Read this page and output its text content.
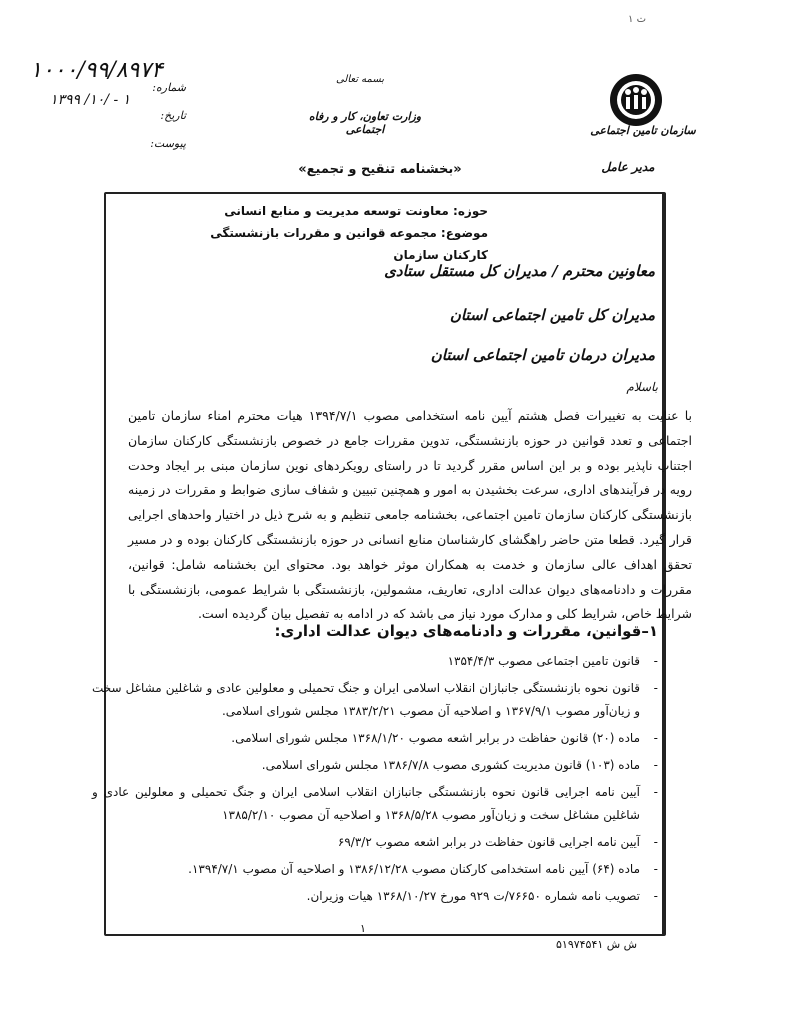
۱ ت
سازمان تامین اجتماعی
مدیر عامل
بسمه تعالی
وزارت تعاون، کار و رفاه اجتماعی
شماره:
تاریخ:
پیوست:
۱۰۰۰/۹۹/۸۹۷۴
۱۳۹۹ /۱۰/ - ۱
«بخشنامه تنقیح و تجمیع»
حوزه: معاونت توسعه مدیریت و منابع انسانی
موضوع: مجموعه قوانین و مقررات بازنشستگی کارکنان سازمان
معاونین محترم / مدیران کل مستقل ستادی
مدیران کل تامین اجتماعی استان
مدیران درمان تامین اجتماعی استان
باسلام
با عنایت به تغییرات فصل هشتم آیین نامه استخدامی مصوب ۱۳۹۴/۷/۱ هیات محترم امناء سازمان تامین اجتماعی و تعدد قوانین در حوزه بازنشستگی، تدوین مقررات جامع در خصوص بازنشستگی کارکنان سازمان اجتناب ناپذیر بوده و بر این اساس مقرر گردید تا در راستای رویکردهای نوین سازمان مبنی بر ایجاد وحدت رویه در فرآیندهای اداری، سرعت بخشیدن به امور و همچنین تبیین و شفاف سازی ضوابط و مقررات در زمینه بازنشستگی کارکنان سازمان تامین اجتماعی، بخشنامه جامعی تنظیم و به شرح ذیل در اختیار واحدهای اجرایی قرار گیرد. قطعا متن حاضر راهگشای کارشناسان منابع انسانی در حوزه بازنشستگی کارکنان بوده و در مسیر تحقق اهداف عالی سازمان و خدمت به همکاران موثر خواهد بود. محتوای این بخشنامه شامل: قوانین، مقررات و دادنامه‌های دیوان عدالت اداری، تعاریف، مشمولین، بازنشستگی با شرایط عمومی، بازنشستگی با شرایط خاص، شرایط کلی و مدارک مورد نیاز می باشد که در ادامه به تفصیل بیان گردیده است.
۱–قوانین، مقررات و دادنامه‌های دیوان عدالت اداری:
- قانون تامین اجتماعی مصوب ۱۳۵۴/۴/۳
- قانون نحوه بازنشستگی جانبازان انقلاب اسلامی ایران و جنگ تحمیلی و معلولین عادی و شاغلین مشاغل سخت و زیان‌آور مصوب ۱۳۶۷/۹/۱ و اصلاحیه آن مصوب ۱۳۸۳/۲/۲۱ مجلس شورای اسلامی.
- ماده (۲۰) قانون حفاظت در برابر اشعه مصوب ۱۳۶۸/۱/۲۰ مجلس شورای اسلامی.
- ماده (۱۰۳) قانون مدیریت کشوری مصوب ۱۳۸۶/۷/۸ مجلس شورای اسلامی.
- آیین نامه اجرایی قانون نحوه بازنشستگی جانبازان انقلاب اسلامی ایران و جنگ تحمیلی و معلولین عادی و شاغلین مشاغل سخت و زیان‌آور مصوب ۱۳۶۸/۵/۲۸ و اصلاحیه آن مصوب ۱۳۸۵/۲/۱۰
- آیین نامه اجرایی قانون حفاظت در برابر اشعه مصوب ۶۹/۳/۲
- ماده (۶۴) آیین نامه استخدامی کارکنان مصوب ۱۳۸۶/۱۲/۲۸ و اصلاحیه آن مصوب ۱۳۹۴/۷/۱.
- تصویب نامه شماره ۷۶۶۵۰/ت ۹۲۹ مورخ ۱۳۶۸/۱۰/۲۷ هیات وزیران.
۱
ش ش ۵۱۹۷۴۵۴۱
